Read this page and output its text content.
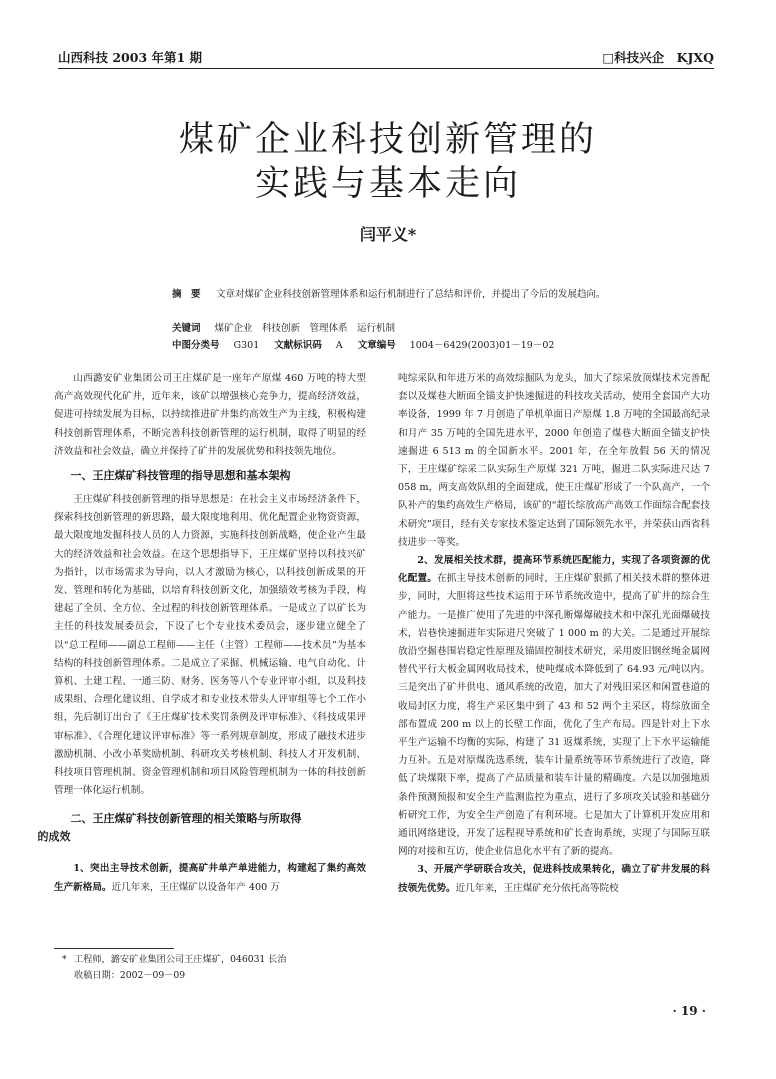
山西科技 2003 年第1 期	□科技兴企　KJXQ
煤矿企业科技创新管理的
实践与基本走向
闫平义*
摘　要	文章对煤矿企业科技创新管理体系和运行机制进行了总结和评价，并提出了今后的发展趋向。
关键词 煤矿企业　科技创新　管理体系　运行机制
中图分类号 G301 文献标识码 A 文章编号 1004－6429(2003)01－19－02

山西潞安矿业集团公司王庄煤矿是一座年产原煤 460 万吨的特大型高产高效现代化矿井，近年来，该矿以增强核心竞争力，提高经济效益，促进可持续发展为目标，以持续推进矿井集约高效生产为主线，积极构建科技创新管理体系，不断完善科技创新管理的运行机制，取得了明显的经济效益和社会效益，确立并保持了矿井的发展优势和科技领先地位。

一、王庄煤矿科技管理的指导思想和基本架构

王庄煤矿科技创新管理的指导思想是：在社会主义市场经济条件下，探索科技创新管理的新思路，最大限度地利用、优化配置企业物资资源，最大限度地发掘科技人员的人力资源，实施科技创新战略，使企业产生最大的经济效益和社会效益。在这个思想指导下，王庄煤矿坚持以科技兴矿为指针，以市场需求为导向，以人才激励为核心，以科技创新成果的开发、管理和转化为基础，以培育科技创新文化，加强绩效考核为手段，构建起了全员、全方位、全过程的科技创新管理体系。一是成立了以矿长为主任的科技发展委员会，下设了七个专业技术委员会，逐步建立健全了以“总工程师——副总工程师——主任（主管）工程师——技术员”为基本结构的科技创新管理体系。二是成立了采掘、机械运输、电气自动化、计算机、土建工程、一通三防、财务、医务等八个专业评审小组，以及科技成果组、合理化建议组、自学成才和专业技术带头人评审组等七个工作小组，先后制订出台了《王庄煤矿技术奖罚条例及评审标准》、《科技成果评审标准》、《合理化建议评审标准》等一系列规章制度，形成了融技术进步激励机制、小改小革奖励机制、科研攻关考核机制、科技人才开发机制、科技项目管理机制、资金管理机制和项目风险管理机制为一体的科技创新管理一体化运行机制。

二、王庄煤矿科技创新管理的相关策略与所取得
的成效

1、突出主导技术创新，提高矿井单产单进能力，构建起了集约高效生产新格局。近几年来，王庄煤矿以设备年产 400 万

吨综采队和年进万米的高效综掘队为龙头，加大了综采放顶煤技术完善配套以及煤巷大断面全锚支护快速掘进的科技攻关活动，使用全套国产大功率设备，1999 年 7 月创造了单机单面日产原煤 1.8 万吨的全国最高纪录和月产 35 万吨的全国先进水平，2000 年创造了煤巷大断面全锚支护快速掘进 6 513 m 的全国新水平。2001 年，在全年放假 56 天的情况下，王庄煤矿综采二队实际生产原煤 321 万吨，掘进二队实际进尺达 7 058 m，两支高效队组的全面建成，使王庄煤矿形成了一个队高产，一个队补产的集约高效生产格局，该矿的“超长综放高产高效工作面综合配套技术研究”项目，经有关专家技术鉴定达到了国际领先水平，并荣获山西省科技进步一等奖。

2、发展相关技术群，提高环节系统匹配能力，实现了各项资源的优化配置。在抓主导技术创新的同时，王庄煤矿狠抓了相关技术群的整体进步，同时，大胆将这些技术运用于环节系统改造中，提高了矿井的综合生产能力。一是推广使用了先进的中深孔断爆爆破技术和中深孔光面爆破技术，岩巷快速掘进年实际进尺突破了 1 000 m 的大关。二是通过开展综放沿空掘巷围岩稳定性原理及锚固控制技术研究，采用废旧钢丝绳金属网替代平行大板金属网收局技术，使吨煤成本降低到了 64.93 元/吨以内。三是突出了矿井供电、通风系统的改造，加大了对残旧采区和闲置巷道的收局封区力度，将生产采区集中到了 43 和 52 两个主采区，将综放面全部布置成 200 m 以上的长壁工作面，优化了生产布局。四是针对上下水平生产运输不均衡的实际，构建了 31 返煤系统，实现了上下水平运输能力互补。五是对原煤洗选系统，装车计量系统等环节系统进行了改造，降低了块煤限下率，提高了产品质量和装车计量的精确度。六是以加强地质条件预测预报和安全生产监测监控为重点，进行了多项攻关试验和基础分析研究工作，为安全生产创造了有利环境。七是加大了计算机开发应用和通讯网络建设，开发了远程视导系统和矿长查询系统，实现了与国际互联网的对接和互访，使企业信息化水平有了新的提高。

3、开展产学研联合攻关，促进科技成果转化，确立了矿井发展的科技领先优势。近几年来，王庄煤矿充分依托高等院校

* 工程师，潞安矿业集团公司王庄煤矿，046031 长治
收稿日期：2002－09－09
· 19 ·
